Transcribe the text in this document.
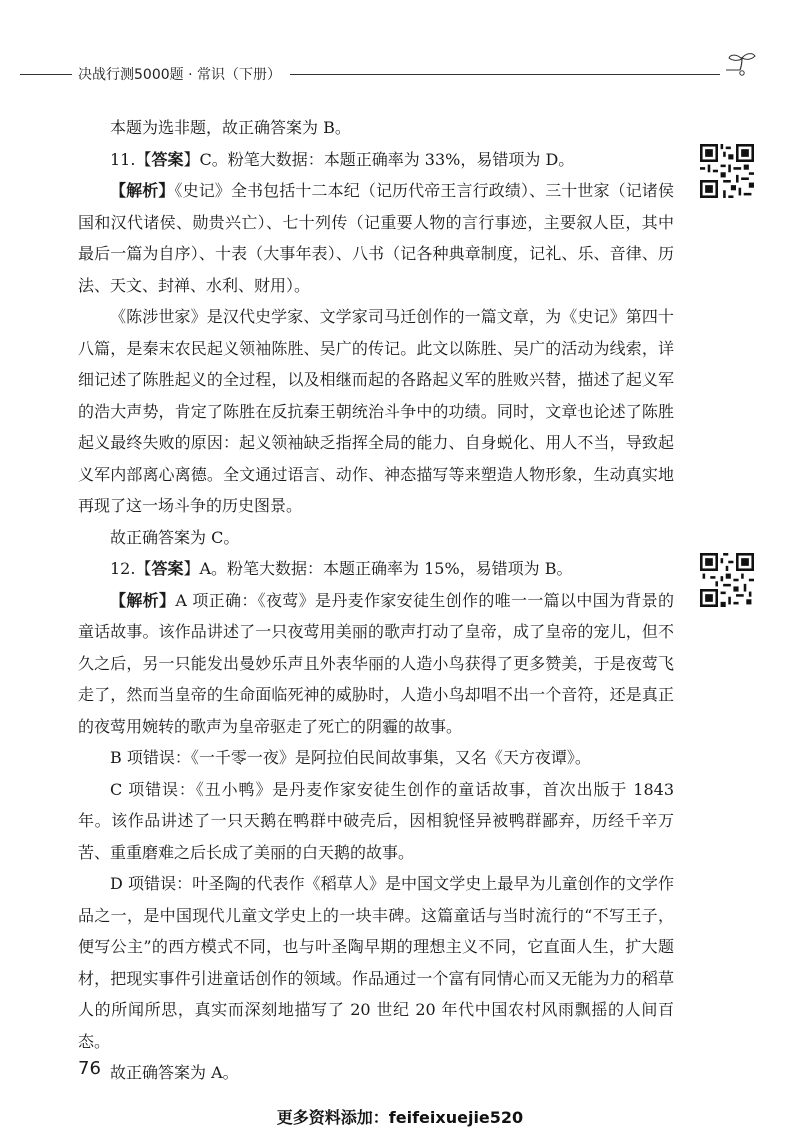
决战行测5000题 · 常识（下册）

本题为选非题，故正确答案为 B。

11.【答案】C。粉笔大数据：本题正确率为 33%，易错项为 D。

【解析】《史记》全书包括十二本纪（记历代帝王言行政绩）、三十世家（记诸侯国和汉代诸侯、勋贵兴亡）、七十列传（记重要人物的言行事迹，主要叙人臣，其中最后一篇为自序）、十表（大事年表）、八书（记各种典章制度，记礼、乐、音律、历法、天文、封禅、水利、财用）。

《陈涉世家》是汉代史学家、文学家司马迁创作的一篇文章，为《史记》第四十八篇，是秦末农民起义领袖陈胜、吴广的传记。此文以陈胜、吴广的活动为线索，详细记述了陈胜起义的全过程，以及相继而起的各路起义军的胜败兴替，描述了起义军的浩大声势，肯定了陈胜在反抗秦王朝统治斗争中的功绩。同时，文章也论述了陈胜起义最终失败的原因：起义领袖缺乏指挥全局的能力、自身蜕化、用人不当，导致起义军内部离心离德。全文通过语言、动作、神态描写等来塑造人物形象，生动真实地再现了这一场斗争的历史图景。

故正确答案为 C。

12.【答案】A。粉笔大数据：本题正确率为 15%，易错项为 B。

【解析】A 项正确：《夜莺》是丹麦作家安徒生创作的唯一一篇以中国为背景的童话故事。该作品讲述了一只夜莺用美丽的歌声打动了皇帝，成了皇帝的宠儿，但不久之后，另一只能发出曼妙乐声且外表华丽的人造小鸟获得了更多赞美，于是夜莺飞走了，然而当皇帝的生命面临死神的威胁时，人造小鸟却唱不出一个音符，还是真正的夜莺用婉转的歌声为皇帝驱走了死亡的阴霾的故事。

B 项错误：《一千零一夜》是阿拉伯民间故事集，又名《天方夜谭》。

C 项错误：《丑小鸭》是丹麦作家安徒生创作的童话故事，首次出版于 1843 年。该作品讲述了一只天鹅在鸭群中破壳后，因相貌怪异被鸭群鄙弃，历经千辛万苦、重重磨难之后长成了美丽的白天鹅的故事。

D 项错误：叶圣陶的代表作《稻草人》是中国文学史上最早为儿童创作的文学作品之一，是中国现代儿童文学史上的一块丰碑。这篇童话与当时流行的“不写王子，便写公主”的西方模式不同，也与叶圣陶早期的理想主义不同，它直面人生，扩大题材，把现实事件引进童话创作的领域。作品通过一个富有同情心而又无能为力的稻草人的所闻所思，真实而深刻地描写了 20 世纪 20 年代中国农村风雨飘摇的人间百态。

故正确答案为 A。

76
更多资料添加：feifeixuejie520
